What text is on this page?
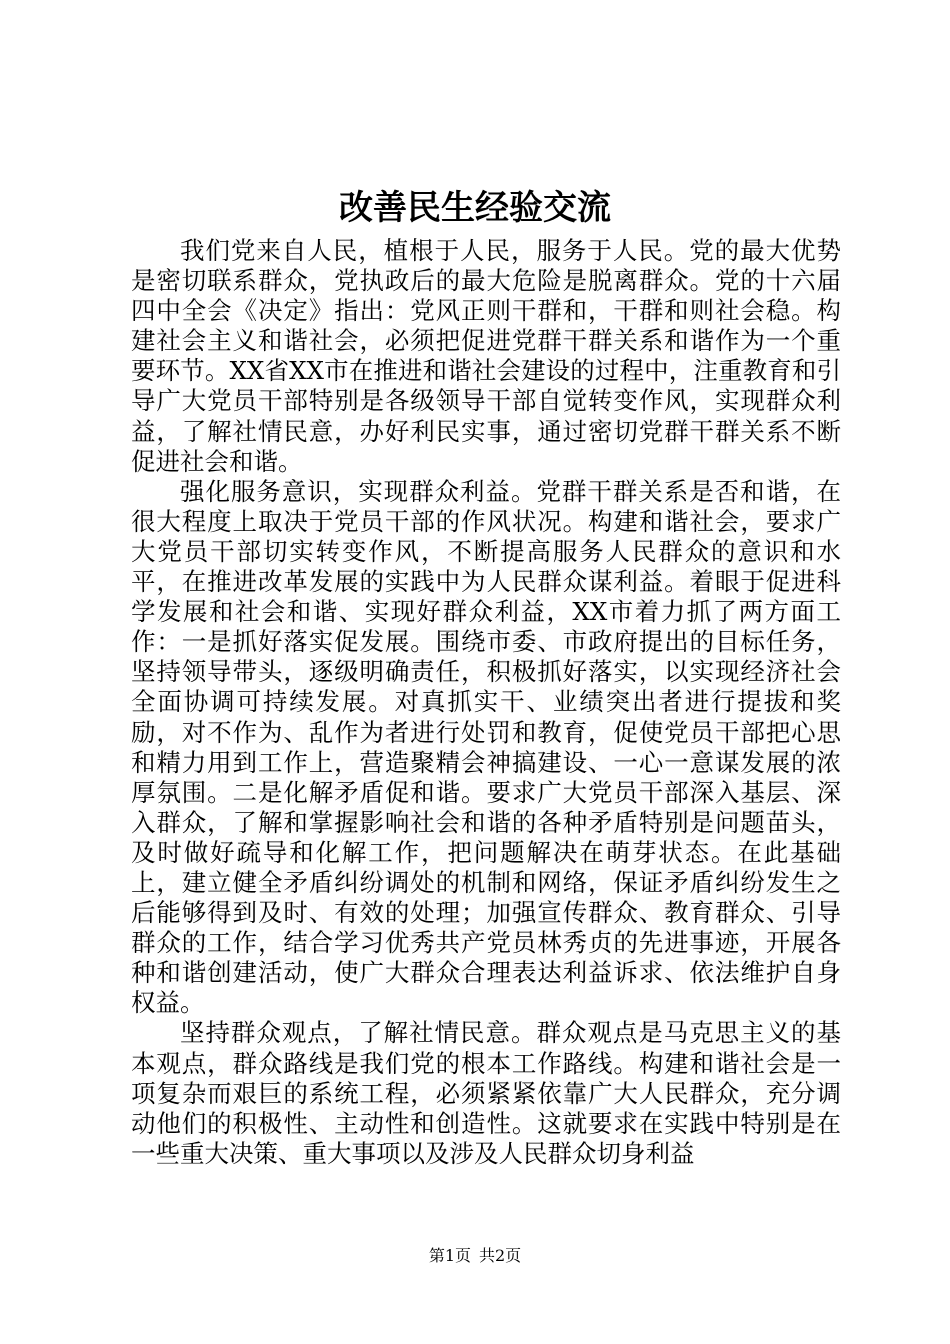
改善民生经验交流

我们党来自人民，植根于人民，服务于人民。党的最大优势是密切联系群众，党执政后的最大危险是脱离群众。党的十六届四中全会《决定》指出：党风正则干群和，干群和则社会稳。构建社会主义和谐社会，必须把促进党群干群关系和谐作为一个重要环节。XX省XX市在推进和谐社会建设的过程中，注重教育和引导广大党员干部特别是各级领导干部自觉转变作风，实现群众利益，了解社情民意，办好利民实事，通过密切党群干群关系不断促进社会和谐。

强化服务意识，实现群众利益。党群干群关系是否和谐，在很大程度上取决于党员干部的作风状况。构建和谐社会，要求广大党员干部切实转变作风，不断提高服务人民群众的意识和水平，在推进改革发展的实践中为人民群众谋利益。着眼于促进科学发展和社会和谐、实现好群众利益，XX市着力抓了两方面工作：一是抓好落实促发展。围绕市委、市政府提出的目标任务，坚持领导带头，逐级明确责任，积极抓好落实，以实现经济社会全面协调可持续发展。对真抓实干、业绩突出者进行提拔和奖励，对不作为、乱作为者进行处罚和教育，促使党员干部把心思和精力用到工作上，营造聚精会神搞建设、一心一意谋发展的浓厚氛围。二是化解矛盾促和谐。要求广大党员干部深入基层、深入群众，了解和掌握影响社会和谐的各种矛盾特别是问题苗头，及时做好疏导和化解工作，把问题解决在萌芽状态。在此基础上，建立健全矛盾纠纷调处的机制和网络，保证矛盾纠纷发生之后能够得到及时、有效的处理；加强宣传群众、教育群众、引导群众的工作，结合学习优秀共产党员林秀贞的先进事迹，开展各种和谐创建活动，使广大群众合理表达利益诉求、依法维护自身权益。

坚持群众观点，了解社情民意。群众观点是马克思主义的基本观点，群众路线是我们党的根本工作路线。构建和谐社会是一项复杂而艰巨的系统工程，必须紧紧依靠广大人民群众，充分调动他们的积极性、主动性和创造性。这就要求在实践中特别是在一些重大决策、重大事项以及涉及人民群众切身利益

第1页 共2页
